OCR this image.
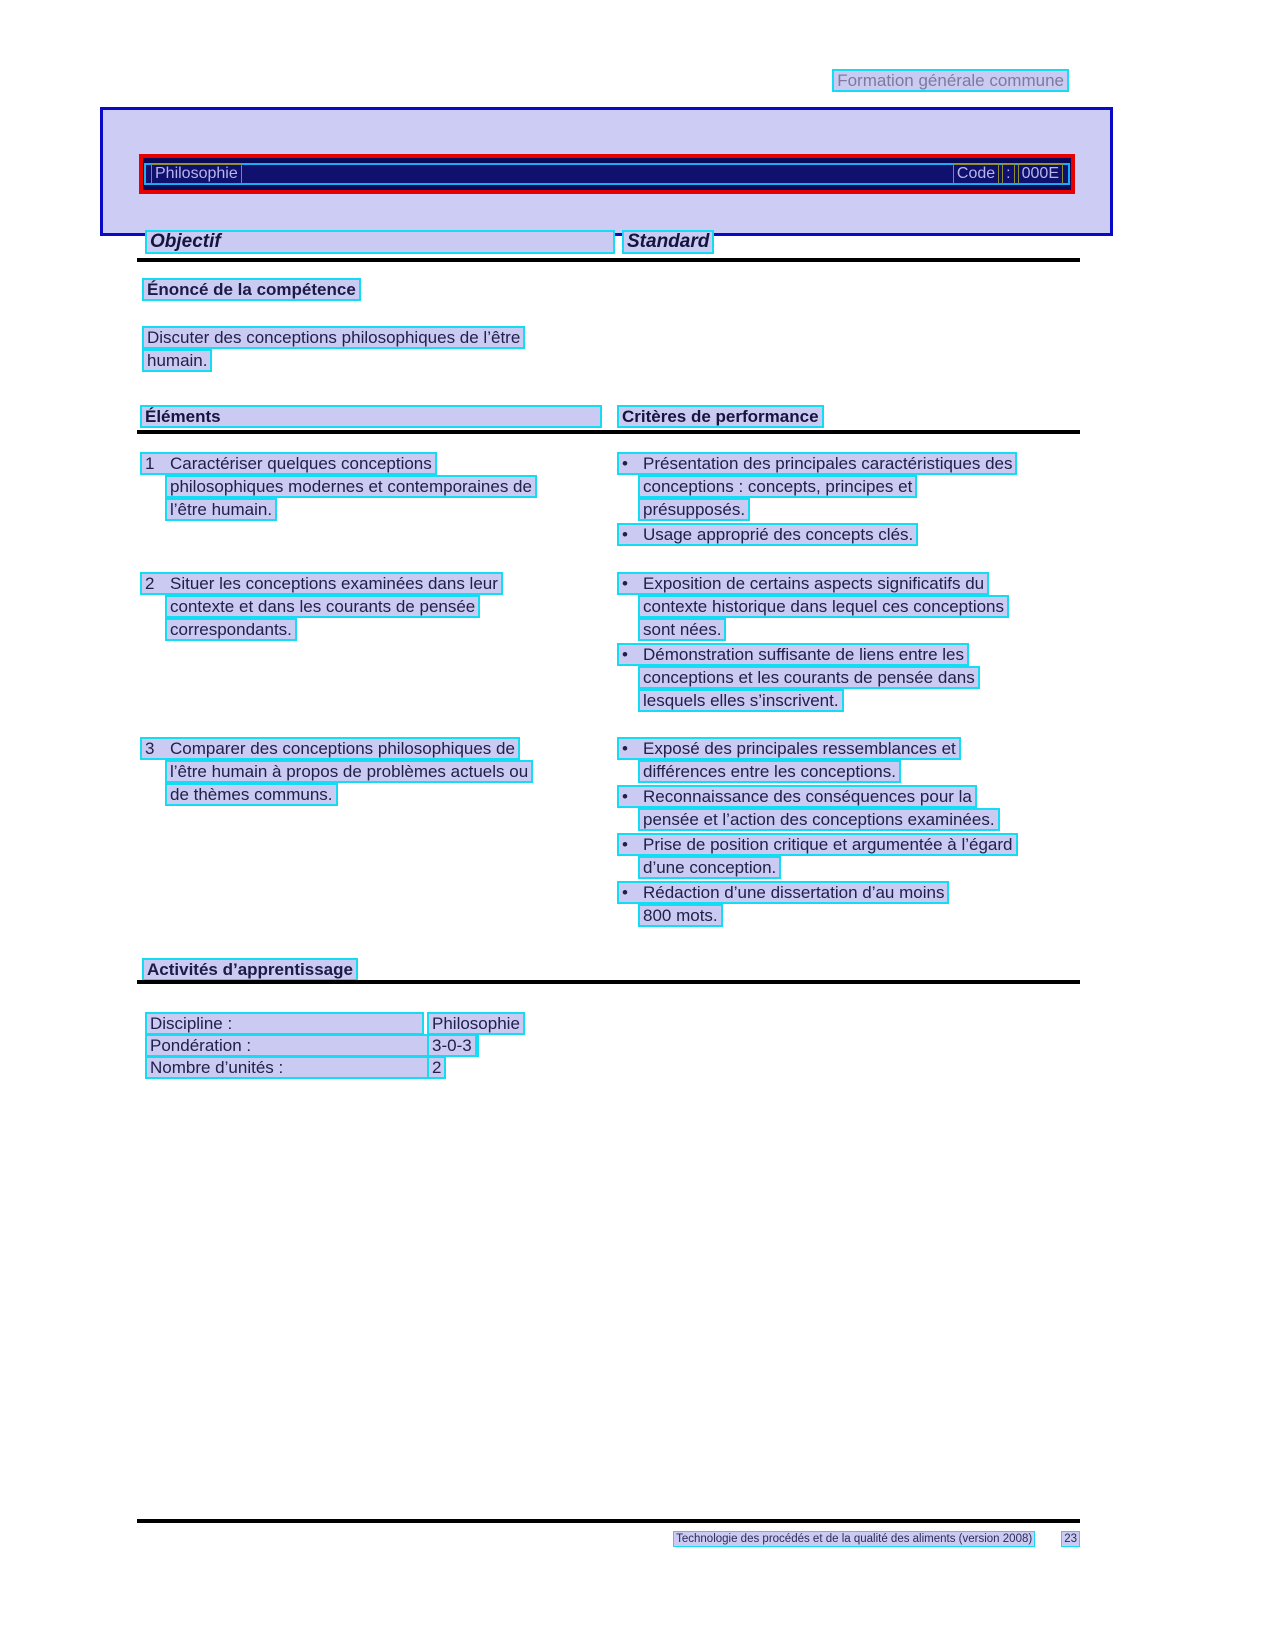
Formation générale commune
Philosophie	Code : 000E
Objectif	Standard
Énoncé de la compétence
Discuter des conceptions philosophiques de l’être
humain.
Éléments	Critères de performance
1 Caractériser quelques conceptions
philosophiques modernes et contemporaines de
l’être humain.
• Présentation des principales caractéristiques des
conceptions : concepts, principes et
présupposés.
• Usage approprié des concepts clés.
2 Situer les conceptions examinées dans leur
contexte et dans les courants de pensée
correspondants.
• Exposition de certains aspects significatifs du
contexte historique dans lequel ces conceptions
sont nées.
• Démonstration suffisante de liens entre les
conceptions et les courants de pensée dans
lesquels elles s’inscrivent.
3 Comparer des conceptions philosophiques de
l’être humain à propos de problèmes actuels ou
de thèmes communs.
• Exposé des principales ressemblances et
différences entre les conceptions.
• Reconnaissance des conséquences pour la
pensée et l’action des conceptions examinées.
• Prise de position critique et argumentée à l’égard
d’une conception.
• Rédaction d’une dissertation d’au moins
800 mots.
Activités d’apprentissage
Discipline :	Philosophie
Pondération :	3-0-3
Nombre d’unités :	2
Technologie des procédés et de la qualité des aliments (version 2008)	23
